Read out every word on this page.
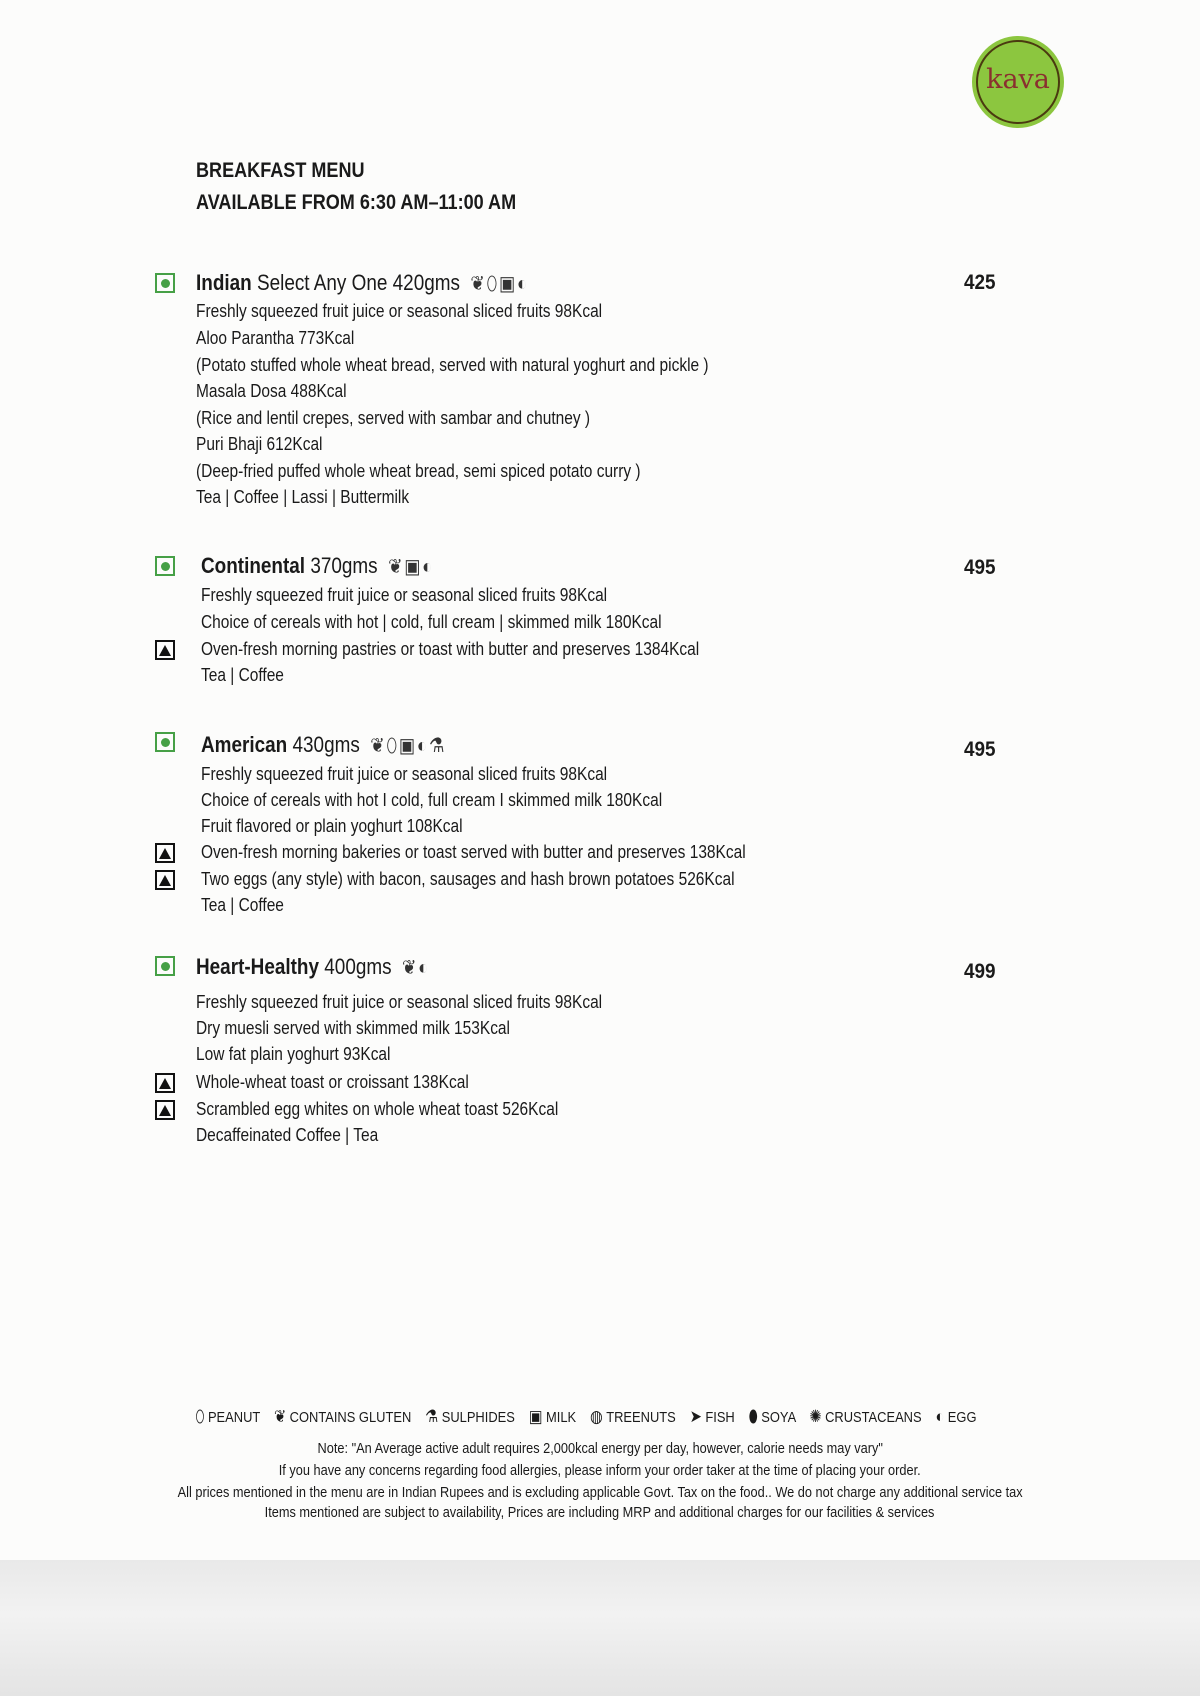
kava
BREAKFAST MENU
AVAILABLE FROM 6:30 AM–11:00 AM
Indian Select Any One 420gms ❦⬯▣◐	425
Freshly squeezed fruit juice or seasonal sliced fruits 98Kcal
Aloo Parantha 773Kcal
(Potato stuffed whole wheat bread, served with natural yoghurt and pickle )
Masala Dosa 488Kcal
(Rice and lentil crepes, served with sambar and chutney )
Puri Bhaji 612Kcal
(Deep-fried puffed whole wheat bread, semi spiced potato curry )
Tea | Coffee | Lassi | Buttermilk
Continental 370gms ❦▣◐	495
Freshly squeezed fruit juice or seasonal sliced fruits 98Kcal
Choice of cereals with hot | cold, full cream | skimmed milk 180Kcal
Oven-fresh morning pastries or toast with butter and preserves 1384Kcal
Tea | Coffee
American 430gms ❦⬯▣◐⚗	495
Freshly squeezed fruit juice or seasonal sliced fruits 98Kcal
Choice of cereals with hot I cold, full cream I skimmed milk 180Kcal
Fruit flavored or plain yoghurt 108Kcal
Oven-fresh morning bakeries or toast served with butter and preserves 138Kcal
Two eggs (any style) with bacon, sausages and hash brown potatoes 526Kcal
Tea | Coffee
Heart-Healthy 400gms ❦◐	499
Freshly squeezed fruit juice or seasonal sliced fruits 98Kcal
Dry muesli served with skimmed milk 153Kcal
Low fat plain yoghurt 93Kcal
Whole-wheat toast or croissant 138Kcal
Scrambled egg whites on whole wheat toast 526Kcal
Decaffeinated Coffee | Tea
⬯ PEANUT ❦ CONTAINS GLUTEN ⚗ SULPHIDES ▣ MILK ◍ TREENUTS ➤ FISH ⬮ SOYA ✺ CRUSTACEANS ◐ EGG
Note: "An Average active adult requires 2,000kcal energy per day, however, calorie needs may vary"
If you have any concerns regarding food allergies, please inform your order taker at the time of placing your order.
All prices mentioned in the menu are in Indian Rupees and is excluding applicable Govt. Tax on the food.. We do not charge any additional service tax
Items mentioned are subject to availability, Prices are including MRP and additional charges for our facilities & services
